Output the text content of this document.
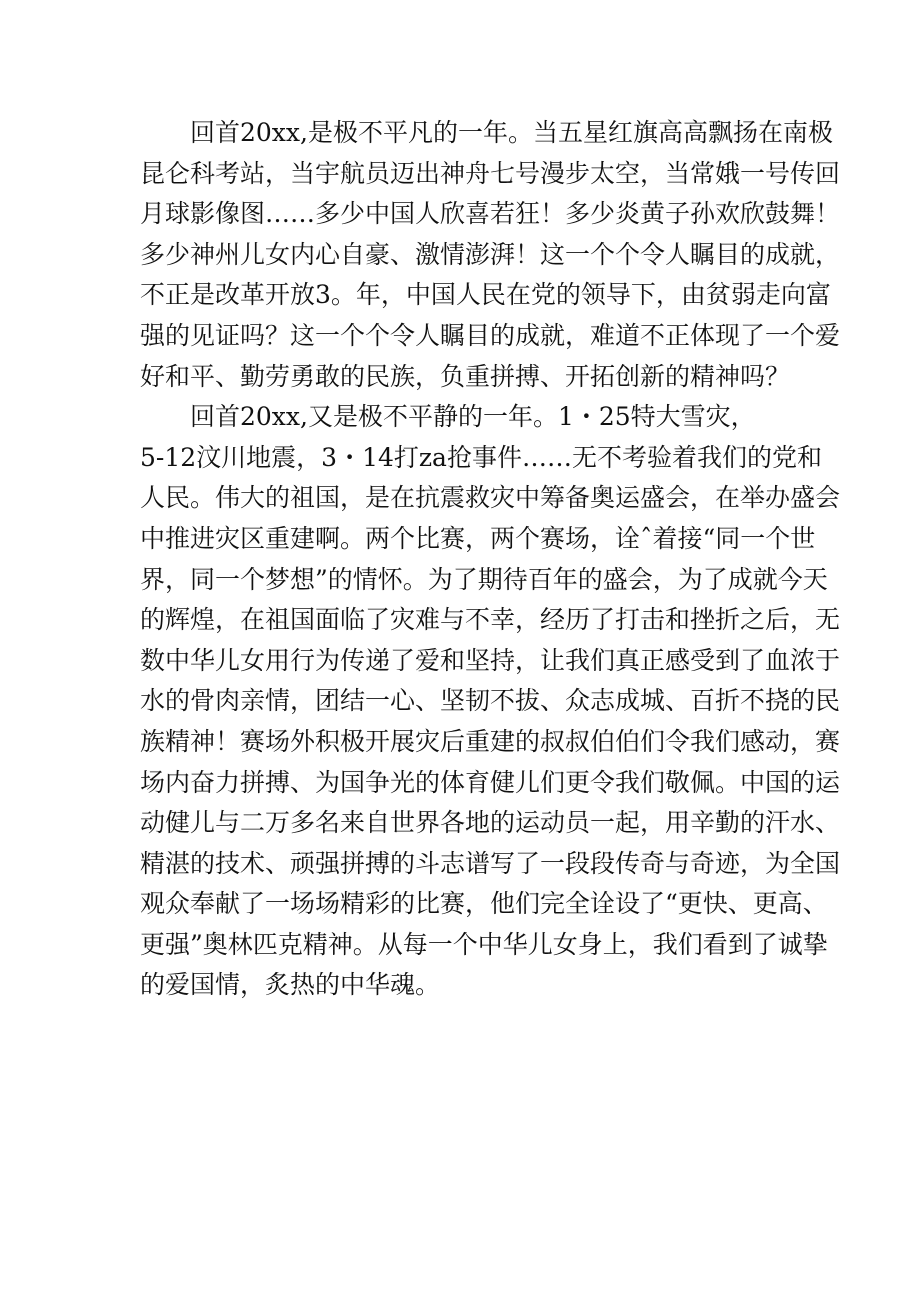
回首20xx,是极不平凡的一年。当五星红旗高高飘扬在南极
昆仑科考站，当宇航员迈出神舟七号漫步太空，当常娥一号传回
月球影像图……多少中国人欣喜若狂！多少炎黄子孙欢欣鼓舞！
多少神州儿女内心自豪、激情澎湃！这一个个令人瞩目的成就，
不正是改革开放3。年，中国人民在党的领导下，由贫弱走向富
强的见证吗？这一个个令人瞩目的成就，难道不正体现了一个爱
好和平、勤劳勇敢的民族，负重拼搏、开拓创新的精神吗？
回首20xx,又是极不平静的一年。1・25特大雪灾，
5-12汶川地震，3・14打za抢事件……无不考验着我们的党和
人民。伟大的祖国，是在抗震救灾中筹备奥运盛会，在举办盛会
中推进灾区重建啊。两个比赛，两个赛场，诠ˆ着接“同一个世
界，同一个梦想”的情怀。为了期待百年的盛会，为了成就今天
的辉煌，在祖国面临了灾难与不幸，经历了打击和挫折之后，无
数中华儿女用行为传递了爱和坚持，让我们真正感受到了血浓于
水的骨肉亲情，团结一心、坚韧不拔、众志成城、百折不挠的民
族精神！赛场外积极开展灾后重建的叔叔伯伯们令我们感动，赛
场内奋力拼搏、为国争光的体育健儿们更令我们敬佩。中国的运
动健儿与二万多名来自世界各地的运动员一起，用辛勤的汗水、
精湛的技术、顽强拼搏的斗志谱写了一段段传奇与奇迹，为全国
观众奉献了一场场精彩的比赛，他们完全诠设了“更快、更高、
更强”奥林匹克精神。从每一个中华儿女身上，我们看到了诚挚
的爱国情，炙热的中华魂。
